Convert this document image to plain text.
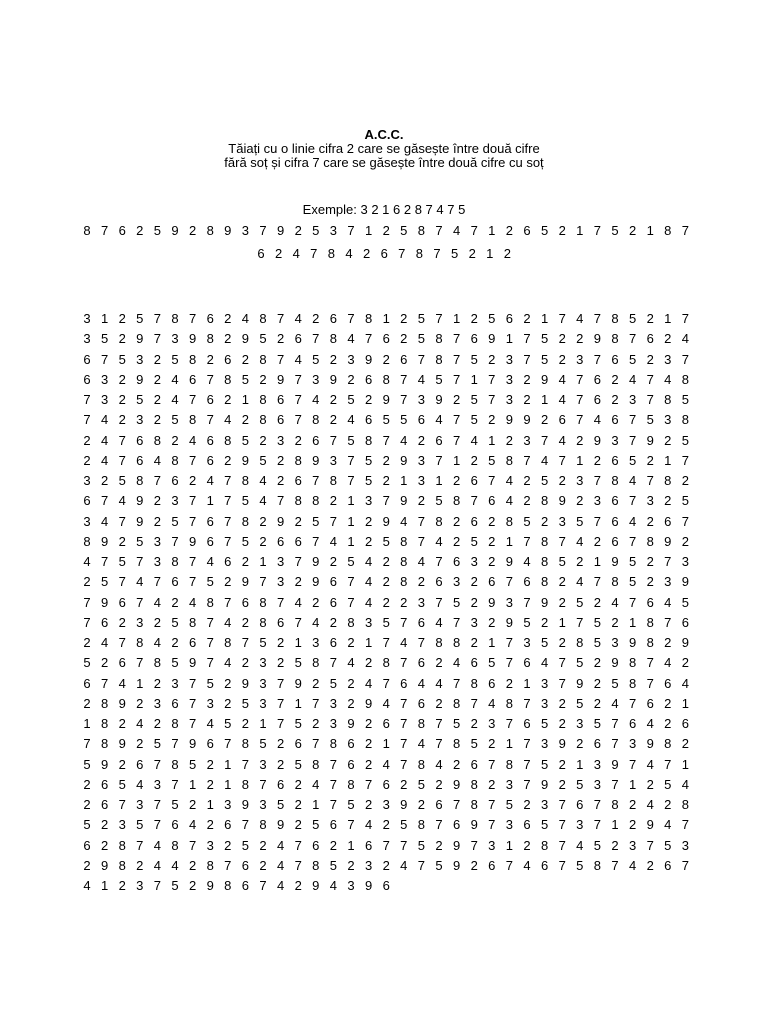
A.C.C.
Tăiați cu o linie cifra 2 care se găsește între două cifre
fără soț și cifra 7 care se găsește între două cifre cu soț
Exemple: 3 2 1 6 2 8 7 4 7 5
8 7 6 2 5 9 2 8 9 3 7 9 2 5 3 7 1 2 5 8 7 4 7 1 2 6 5 2 1 7 5 2 1 8 7
6 2 4 7 8 4 2 6 7 8 7 5 2 1 2
3 1 2 5 7 8 7 6 2 4 8 7 4 2 6 7 8 1 2 5 7 1 2 5 6 2 1 7 4 7 8 5 2 1 7
3 5 2 9 7 3 9 8 2 9 5 2 6 7 8 4 7 6 2 5 8 7 6 9 1 7 5 2 2 9 8 7 6 2 4
6 7 5 3 2 5 8 2 6 2 8 7 4 5 2 3 9 2 6 7 8 7 5 2 3 7 5 2 3 7 6 5 2 3 7
6 3 2 9 2 4 6 7 8 5 2 9 7 3 9 2 6 8 7 4 5 7 1 7 3 2 9 4 7 6 2 4 7 4 8
7 3 2 5 2 4 7 6 2 1 8 6 7 4 2 5 2 9 7 3 9 2 5 7 3 2 1 4 7 6 2 3 7 8 5
7 4 2 3 2 5 8 7 4 2 8 6 7 8 2 4 6 5 5 6 4 7 5 2 9 9 2 6 7 4 6 7 5 3 8
2 4 7 6 8 2 4 6 8 5 2 3 2 6 7 5 8 7 4 2 6 7 4 1 2 3 7 4 2 9 3 7 9 2 5
2 4 7 6 4 8 7 6 2 9 5 2 8 9 3 7 5 2 9 3 7 1 2 5 8 7 4 7 1 2 6 5 2 1 7
3 2 5 8 7 6 2 4 7 8 4 2 6 7 8 7 5 2 1 3 1 2 6 7 4 2 5 2 3 7 8 4 7 8 2
6 7 4 9 2 3 7 1 7 5 4 7 8 8 2 1 3 7 9 2 5 8 7 6 4 2 8 9 2 3 6 7 3 2 5
3 4 7 9 2 5 7 6 7 8 2 9 2 5 7 1 2 9 4 7 8 2 6 2 8 5 2 3 5 7 6 4 2 6 7
8 9 2 5 3 7 9 6 7 5 2 6 6 7 4 1 2 5 8 7 4 2 5 2 1 7 8 7 4 2 6 7 8 9 2
4 7 5 7 3 8 7 4 6 2 1 3 7 9 2 5 4 2 8 4 7 6 3 2 9 4 8 5 2 1 9 5 2 7 3
2 5 7 4 7 6 7 5 2 9 7 3 2 9 6 7 4 2 8 2 6 3 2 6 7 6 8 2 4 7 8 5 2 3 9
7 9 6 7 4 2 4 8 7 6 8 7 4 2 6 7 4 2 2 3 7 5 2 9 3 7 9 2 5 2 4 7 6 4 5
7 6 2 3 2 5 8 7 4 2 8 6 7 4 2 8 3 5 7 6 4 7 3 2 9 5 2 1 7 5 2 1 8 7 6
2 4 7 8 4 2 6 7 8 7 5 2 1 3 6 2 1 7 4 7 8 8 2 1 7 3 5 2 8 5 3 9 8 2 9
5 2 6 7 8 5 9 7 4 2 3 2 5 8 7 4 2 8 7 6 2 4 6 5 7 6 4 7 5 2 9 8 7 4 2
6 7 4 1 2 3 7 5 2 9 3 7 9 2 5 2 4 7 6 4 4 7 8 6 2 1 3 7 9 2 5 8 7 6 4
2 8 9 2 3 6 7 3 2 5 3 7 1 7 3 2 9 4 7 6 2 8 7 4 8 7 3 2 5 2 4 7 6 2 1
1 8 2 4 2 8 7 4 5 2 1 7 5 2 3 9 2 6 7 8 7 5 2 3 7 6 5 2 3 5 7 6 4 2 6
7 8 9 2 5 7 9 6 7 8 5 2 6 7 8 6 2 1 7 4 7 8 5 2 1 7 3 9 2 6 7 3 9 8 2
5 9 2 6 7 8 5 2 1 7 3 2 5 8 7 6 2 4 7 8 4 2 6 7 8 7 5 2 1 3 9 7 4 7 1
2 6 5 4 3 7 1 2 1 8 7 6 2 4 7 8 7 6 2 5 2 9 8 2 3 7 9 2 5 3 7 1 2 5 4
2 6 7 3 7 5 2 1 3 9 3 5 2 1 7 5 2 3 9 2 6 7 8 7 5 2 3 7 6 7 8 2 4 2 8
5 2 3 5 7 6 4 2 6 7 8 9 2 5 6 7 4 2 5 8 7 6 9 7 3 6 5 7 3 7 1 2 9 4 7
6 2 8 7 4 8 7 3 2 5 2 4 7 6 2 1 6 7 7 5 2 9 7 3 1 2 8 7 4 5 2 3 7 5 3
2 9 8 2 4 4 2 8 7 6 2 4 7 8 5 2 3 2 4 7 5 9 2 6 7 4 6 7 5 8 7 4 2 6 7
4 1 2 3 7 5 2 9 8 6 7 4 2 9 4 3 9 6
